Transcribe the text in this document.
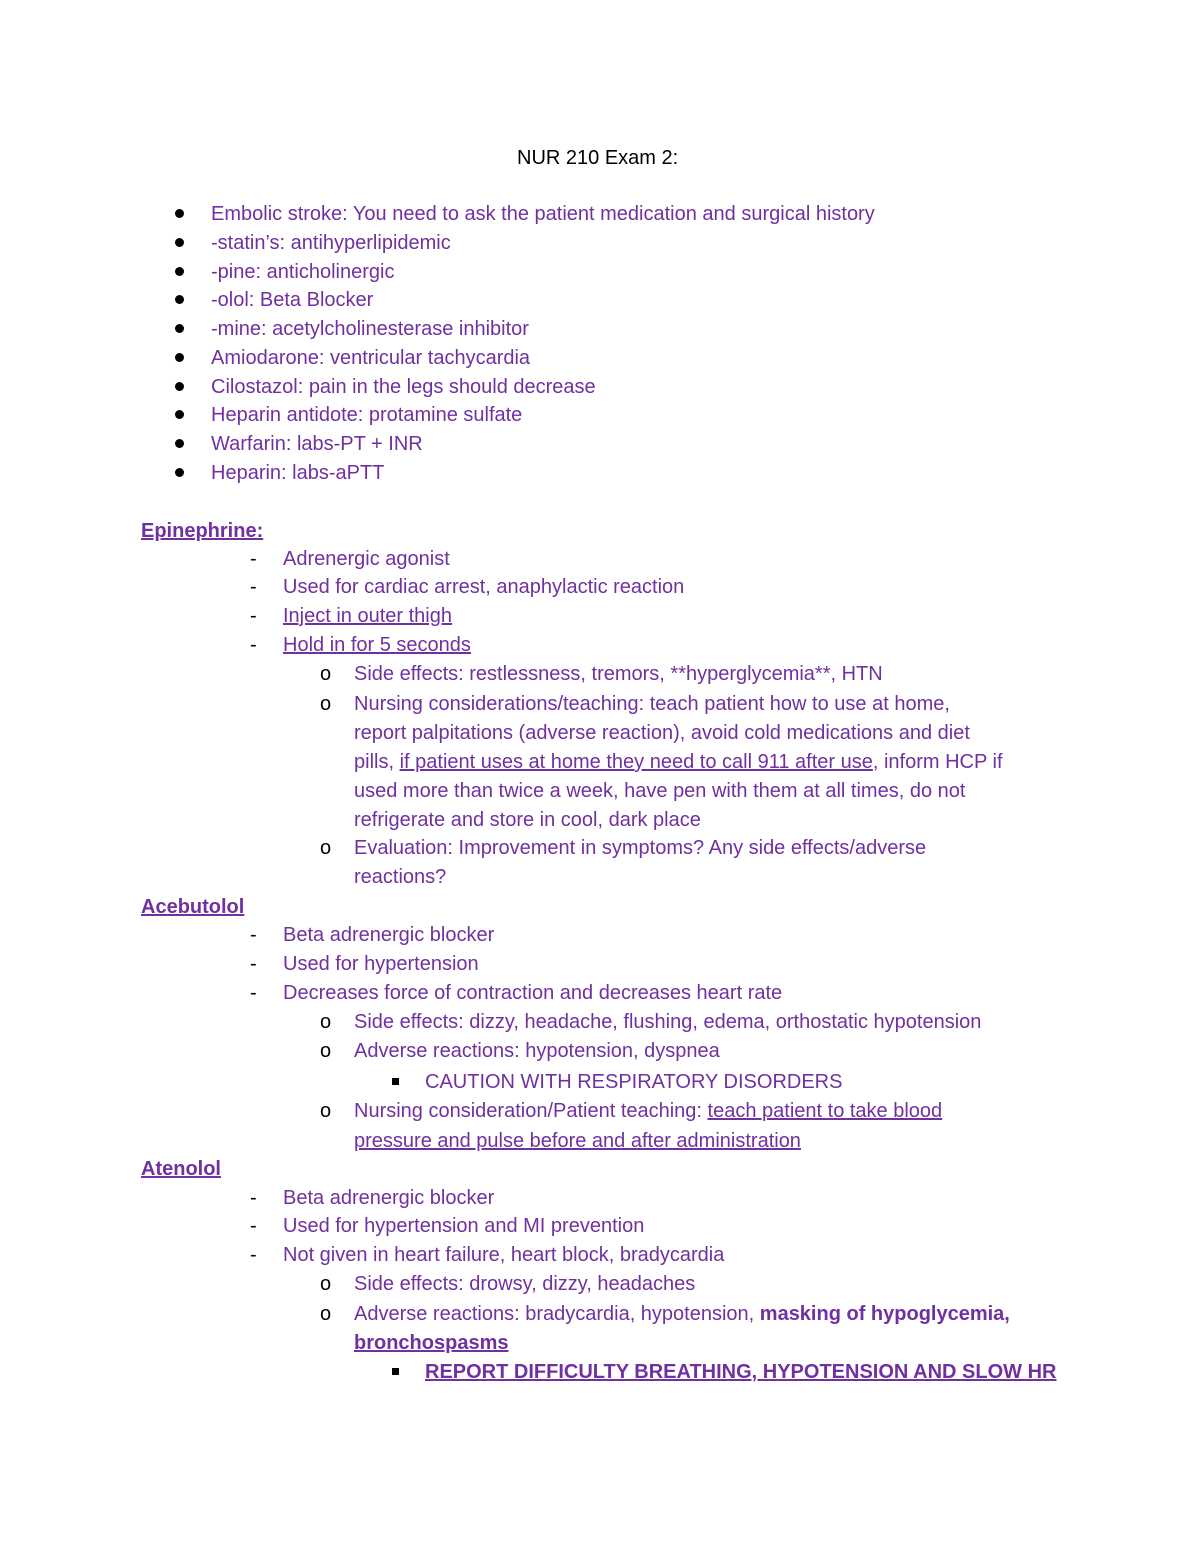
NUR 210 Exam 2:
Embolic stroke: You need to ask the patient medication and surgical history
-statin’s: antihyperlipidemic
-pine: anticholinergic
-olol: Beta Blocker
-mine: acetylcholinesterase inhibitor
Amiodarone: ventricular tachycardia
Cilostazol: pain in the legs should decrease
Heparin antidote: protamine sulfate
Warfarin: labs-PT + INR
Heparin: labs-aPTT
Epinephrine:
- Adrenergic agonist
- Used for cardiac arrest, anaphylactic reaction
- Inject in outer thigh
- Hold in for 5 seconds
o Side effects: restlessness, tremors, **hyperglycemia**, HTN
o Nursing considerations/teaching: teach patient how to use at home,
report palpitations (adverse reaction), avoid cold medications and diet
pills, if patient uses at home they need to call 911 after use, inform HCP if
used more than twice a week, have pen with them at all times, do not
refrigerate and store in cool, dark place
o Evaluation: Improvement in symptoms? Any side effects/adverse
reactions?
Acebutolol
- Beta adrenergic blocker
- Used for hypertension
- Decreases force of contraction and decreases heart rate
o Side effects: dizzy, headache, flushing, edema, orthostatic hypotension
o Adverse reactions: hypotension, dyspnea
CAUTION WITH RESPIRATORY DISORDERS
o Nursing consideration/Patient teaching: teach patient to take blood
pressure and pulse before and after administration
Atenolol
- Beta adrenergic blocker
- Used for hypertension and MI prevention
- Not given in heart failure, heart block, bradycardia
o Side effects: drowsy, dizzy, headaches
o Adverse reactions: bradycardia, hypotension, masking of hypoglycemia,
bronchospasms
REPORT DIFFICULTY BREATHING, HYPOTENSION AND SLOW HR
